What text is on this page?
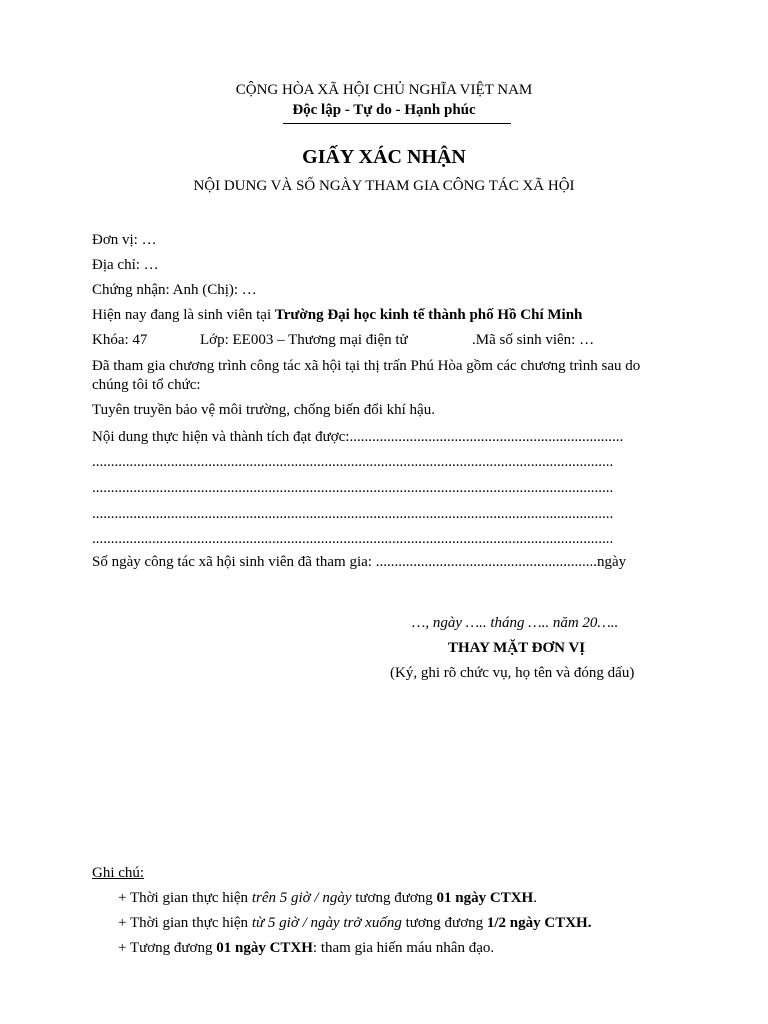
CỘNG HÒA XÃ HỘI CHỦ NGHĨA VIỆT NAM
Độc lập - Tự do - Hạnh phúc
GIẤY XÁC NHẬN
NỘI DUNG VÀ SỐ NGÀY THAM GIA CÔNG TÁC XÃ HỘI
Đơn vị: …
Địa chỉ: …
Chứng nhận: Anh (Chị): …
Hiện nay đang là sinh viên tại Trường Đại học kinh tế thành phố Hồ Chí Minh
Khóa: 47	Lớp: EE003 – Thương mại điện tử	.Mã số sinh viên: …
Đã tham gia chương trình công tác xã hội tại thị trấn Phú Hòa gồm các chương trình sau do
chúng tôi tổ chức:
Tuyên truyền bảo vệ môi trường, chống biến đổi khí hậu.
Nội dung thực hiện và thành tích đạt được:.........................................................................
...........................................................................................................................................
...........................................................................................................................................
...........................................................................................................................................
...........................................................................................................................................
Số ngày công tác xã hội sinh viên đã tham gia: ...........................................................ngày
…, ngày ….. tháng ….. năm 20…..
THAY MẶT ĐƠN VỊ
(Ký, ghi rõ chức vụ, họ tên và đóng dấu)
Ghi chú:
+ Thời gian thực hiện trên 5 giờ / ngày tương đương 01 ngày CTXH.
+ Thời gian thực hiện từ 5 giờ / ngày trở xuống tương đương 1/2 ngày CTXH.
+ Tương đương 01 ngày CTXH: tham gia hiến máu nhân đạo.
